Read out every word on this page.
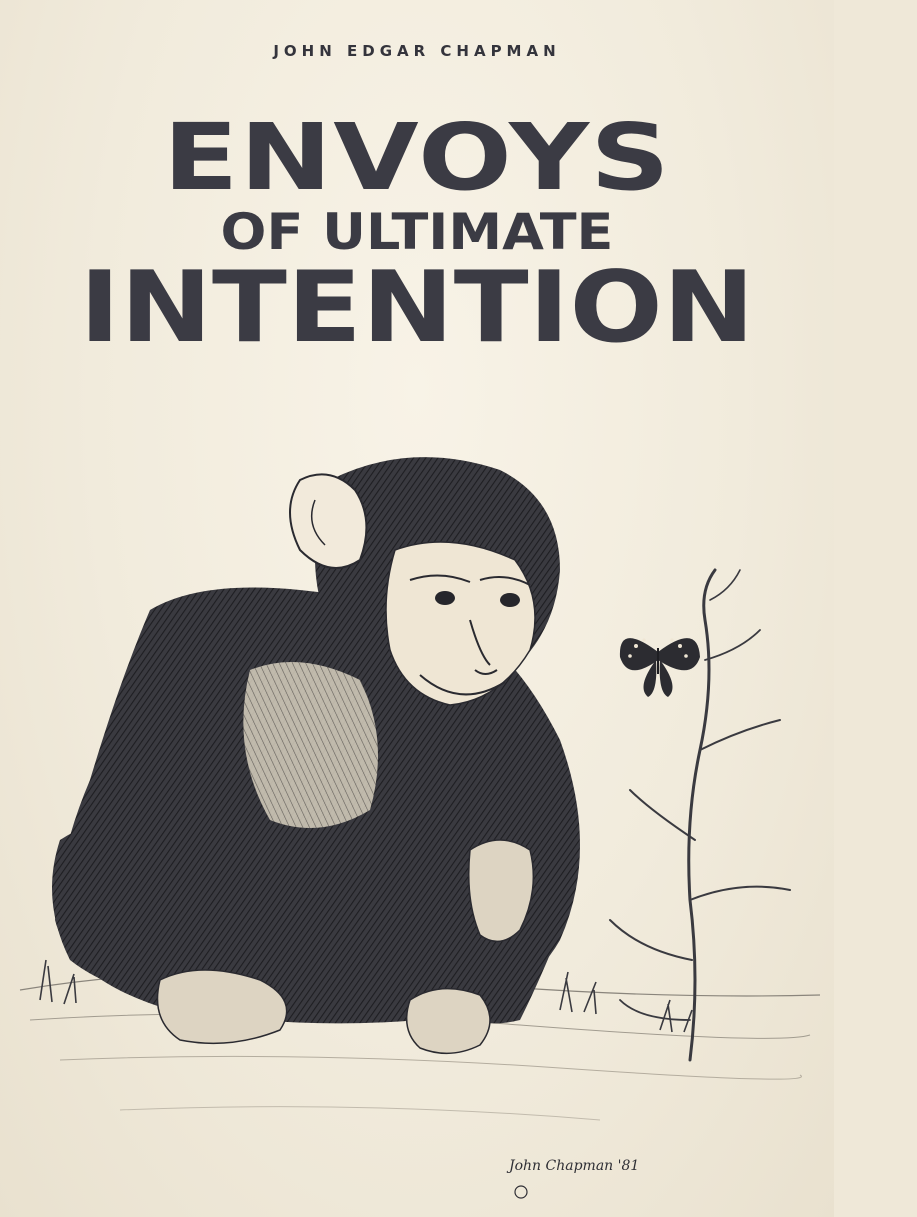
JOHN EDGAR CHAPMAN

ENVOYS

OF ULTIMATE

INTENTION

John Chapman '81
